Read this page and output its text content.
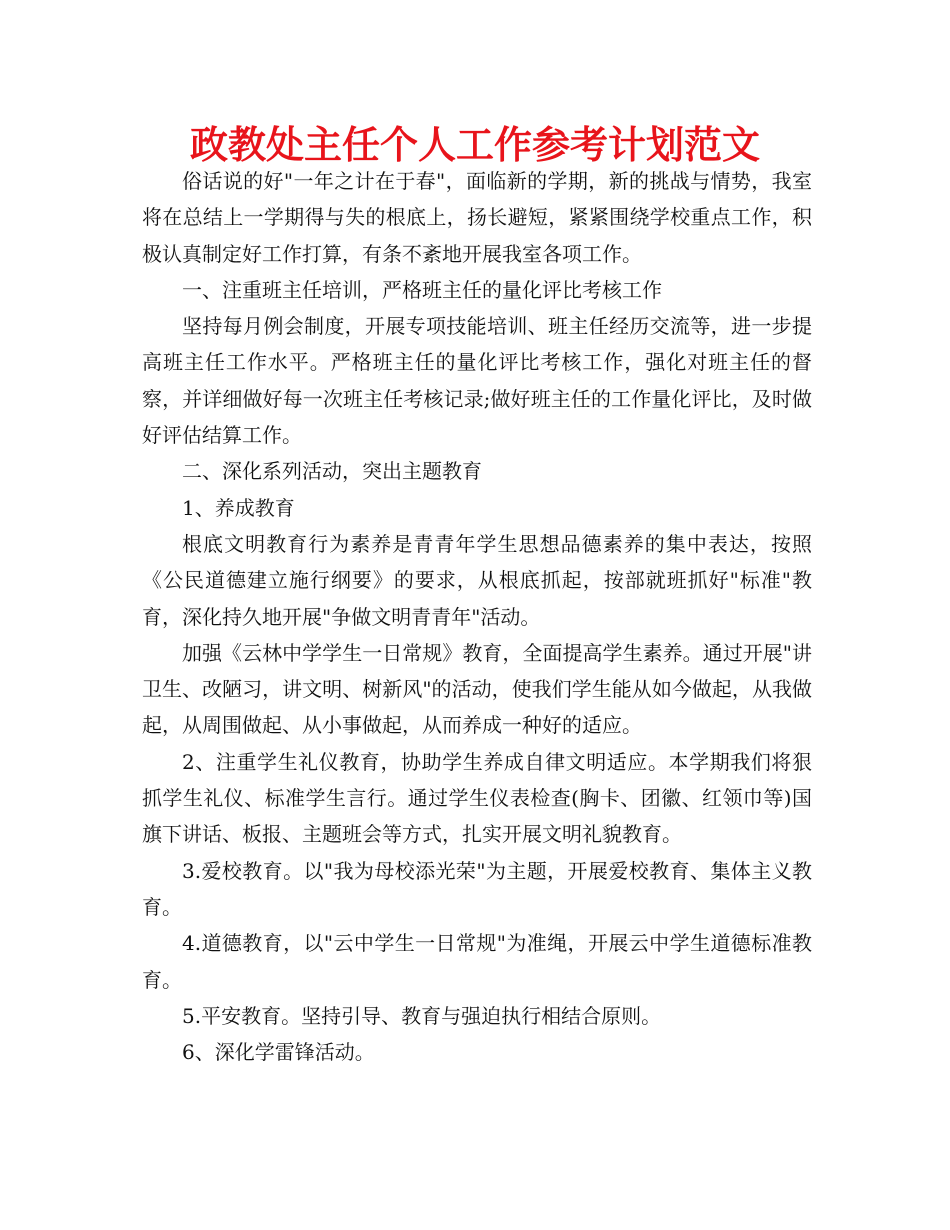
政教处主任个人工作参考计划范文

俗话说的好"一年之计在于春"，面临新的学期，新的挑战与情势，我室将在总结上一学期得与失的根底上，扬长避短，紧紧围绕学校重点工作，积极认真制定好工作打算，有条不紊地开展我室各项工作。

一、注重班主任培训，严格班主任的量化评比考核工作

坚持每月例会制度，开展专项技能培训、班主任经历交流等，进一步提高班主任工作水平。严格班主任的量化评比考核工作，强化对班主任的督察，并详细做好每一次班主任考核记录;做好班主任的工作量化评比，及时做好评估结算工作。

二、深化系列活动，突出主题教育

1、养成教育

根底文明教育行为素养是青青年学生思想品德素养的集中表达，按照《公民道德建立施行纲要》的要求，从根底抓起，按部就班抓好"标准"教育，深化持久地开展"争做文明青青年"活动。

加强《云林中学学生一日常规》教育，全面提高学生素养。通过开展"讲卫生、改陋习，讲文明、树新风"的活动，使我们学生能从如今做起，从我做起，从周围做起、从小事做起，从而养成一种好的适应。

2、注重学生礼仪教育，协助学生养成自律文明适应。本学期我们将狠抓学生礼仪、标准学生言行。通过学生仪表检查(胸卡、团徽、红领巾等)国旗下讲话、板报、主题班会等方式，扎实开展文明礼貌教育。

3.爱校教育。以"我为母校添光荣"为主题，开展爱校教育、集体主义教育。

4.道德教育，以"云中学生一日常规"为准绳，开展云中学生道德标准教育。

5.平安教育。坚持引导、教育与强迫执行相结合原则。

6、深化学雷锋活动。
